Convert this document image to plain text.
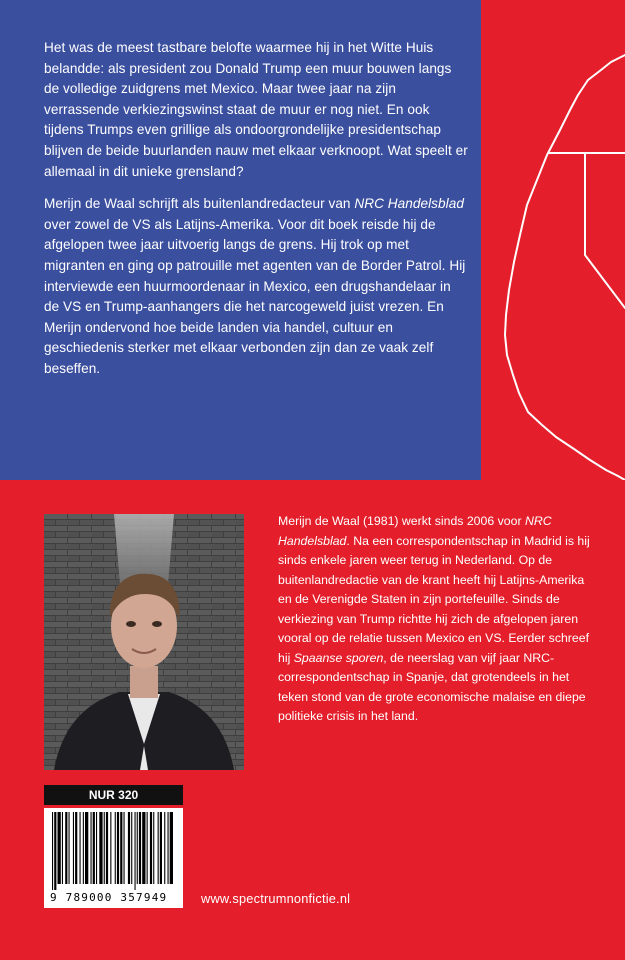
Het was de meest tastbare belofte waarmee hij in het Witte Huis belandde: als president zou Donald Trump een muur bouwen langs de volledige zuidgrens met Mexico. Maar twee jaar na zijn verrassende verkiezingswinst staat de muur er nog niet. En ook tijdens Trumps even grillige als ondoorgrondelijke presidentschap blijven de beide buurlanden nauw met elkaar verknoopt. Wat speelt er allemaal in dit unieke grensland?

Merijn de Waal schrijft als buitenlandredacteur van NRC Handelsblad over zowel de VS als Latijns-Amerika. Voor dit boek reisde hij de afgelopen twee jaar uitvoerig langs de grens. Hij trok op met migranten en ging op patrouille met agenten van de Border Patrol. Hij interviewde een huurmoordenaar in Mexico, een drugshandelaar in de VS en Trump-aanhangers die het narcogeweld juist vrezen. En Merijn ondervond hoe beide landen via handel, cultuur en geschiedenis sterker met elkaar verbonden zijn dan ze vaak zelf beseffen.

Merijn de Waal (1981) werkt sinds 2006 voor NRC Handelsblad. Na een correspondentschap in Madrid is hij sinds enkele jaren weer terug in Nederland. Op de buitenlandredactie van de krant heeft hij Latijns-Amerika en de Verenigde Staten in zijn portefeuille. Sinds de verkiezing van Trump richtte hij zich de afgelopen jaren vooral op de relatie tussen Mexico en VS. Eerder schreef hij Spaanse sporen, de neerslag van vijf jaar NRC-correspondentschap in Spanje, dat grotendeels in het teken stond van de grote economische malaise en diepe politieke crisis in het land.

NUR 320
9 789000 357949	www.spectrumnonfictie.nl
